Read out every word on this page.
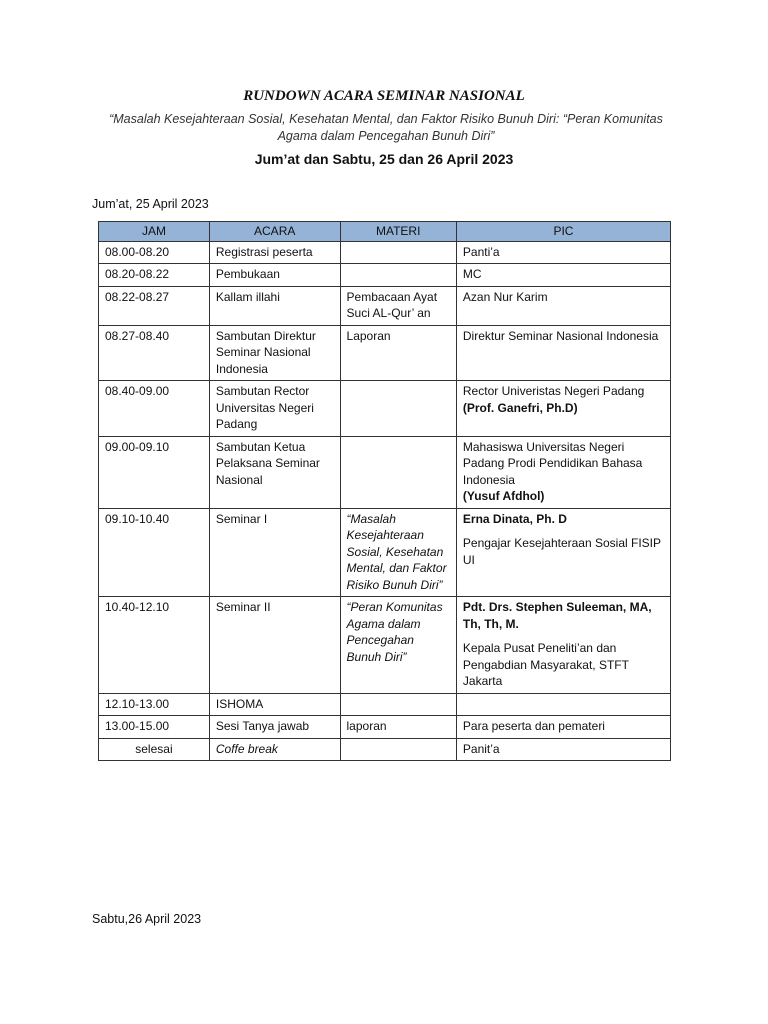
RUNDOWN ACARA SEMINAR NASIONAL
“Masalah Kesejahteraan Sosial, Kesehatan Mental, dan Faktor Risiko Bunuh Diri: “Peran Komunitas
Agama dalam Pencegahan Bunuh Diri”
Jum’at dan Sabtu, 25 dan 26 April 2023
Jum’at, 25 April 2023
JAM	ACARA	MATERI	PIC
08.00-08.20	Registrasi peserta		Panti’a
08.20-08.22	Pembukaan		MC
08.22-08.27	Kallam illahi	Pembacaan Ayat Suci AL-Qur’ an	Azan Nur Karim
08.27-08.40	Sambutan Direktur Seminar Nasional Indonesia	Laporan	Direktur Seminar Nasional Indonesia
08.40-09.00	Sambutan Rector Universitas Negeri Padang		Rector Univeristas Negeri Padang
(Prof. Ganefri, Ph.D)

09.00-09.10	Sambutan Ketua Pelaksana Seminar Nasional		Mahasiswa Universitas Negeri Padang Prodi Pendidikan Bahasa Indonesia
(Yusuf Afdhol)

09.10-10.40	Seminar I	“Masalah Kesejahteraan Sosial, Kesehatan Mental, dan Faktor Risiko Bunuh Diri”	Erna Dinata, Ph. D
Pengajar Kesejahteraan Sosial FISIP UI

10.40-12.10	Seminar II	“Peran Komunitas Agama dalam Pencegahan Bunuh Diri”	Pdt. Drs. Stephen Suleeman, MA, Th, Th, M.
Kepala Pusat Peneliti’an dan Pengabdian Masyarakat, STFT Jakarta

12.10-13.00	ISHOMA		
13.00-15.00	Sesi Tanya jawab	laporan	Para peserta dan pemateri
selesai	Coffe break		Panit’a
Sabtu,26 April 2023
